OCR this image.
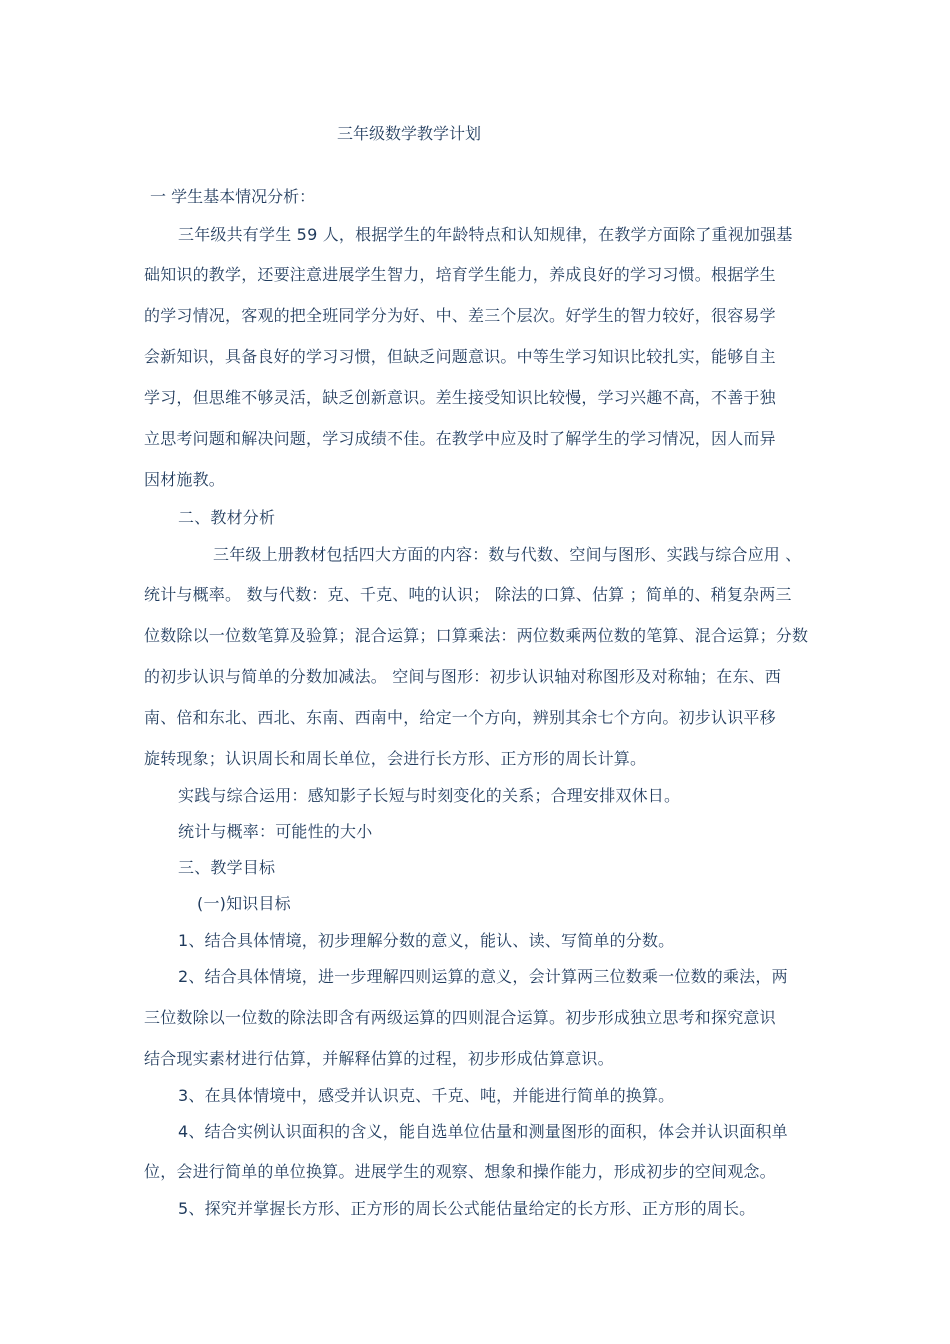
三年级数学教学计划
一 学生基本情况分析：
三年级共有学生 59 人，根据学生的年龄特点和认知规律，在教学方面除了重视加强基
础知识的教学，还要注意进展学生智力，培育学生能力，养成良好的学习习惯。根据学生
的学习情况，客观的把全班同学分为好、中、差三个层次。好学生的智力较好，很容易学
会新知识，具备良好的学习习惯，但缺乏问题意识。中等生学习知识比较扎实，能够自主
学习，但思维不够灵活，缺乏创新意识。差生接受知识比较慢，学习兴趣不高，不善于独
立思考问题和解决问题，学习成绩不佳。在教学中应及时了解学生的学习情况，因人而异
因材施教。
二、教材分析
三年级上册教材包括四大方面的内容：数与代数、空间与图形、实践与综合应用 、
统计与概率。 数与代数：克、千克、吨的认识； 除法的口算、估算 ；简单的、稍复杂两三
位数除以一位数笔算及验算；混合运算；口算乘法：两位数乘两位数的笔算、混合运算；分数
的初步认识与简单的分数加减法。 空间与图形：初步认识轴对称图形及对称轴；在东、西
南、倍和东北、西北、东南、西南中，给定一个方向，辨别其余七个方向。初步认识平移
旋转现象；认识周长和周长单位，会进行长方形、正方形的周长计算。
实践与综合运用：感知影子长短与时刻变化的关系；合理安排双休日。
统计与概率：可能性的大小
三、教学目标
(一)知识目标
1、结合具体情境，初步理解分数的意义，能认、读、写简单的分数。
2、结合具体情境，进一步理解四则运算的意义，会计算两三位数乘一位数的乘法，两
三位数除以一位数的除法即含有两级运算的四则混合运算。初步形成独立思考和探究意识
结合现实素材进行估算，并解释估算的过程，初步形成估算意识。
3、在具体情境中，感受并认识克、千克、吨，并能进行简单的换算。
4、结合实例认识面积的含义，能自选单位估量和测量图形的面积，体会并认识面积单
位，会进行简单的单位换算。进展学生的观察、想象和操作能力，形成初步的空间观念。
5、探究并掌握长方形、正方形的周长公式能估量给定的长方形、正方形的周长。
